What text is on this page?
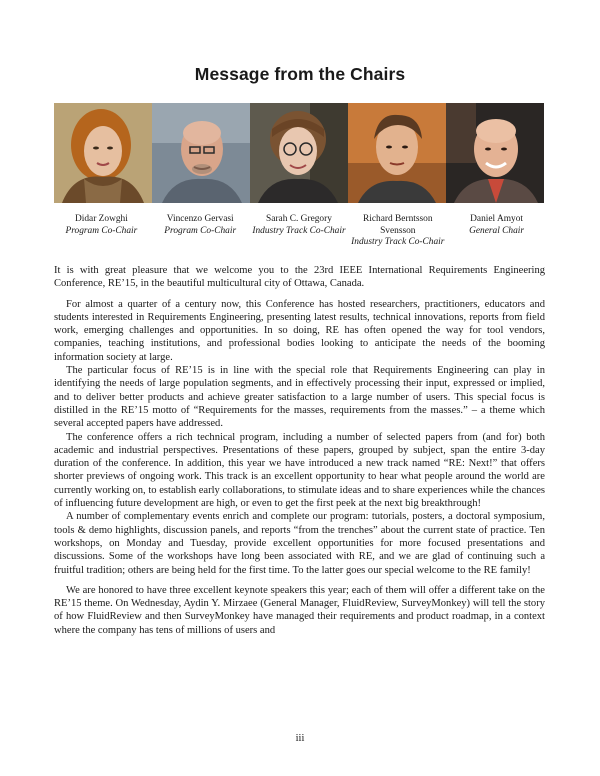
Message from the Chairs
Didar Zowghi
Program Co-Chair
Vincenzo Gervasi
Program Co-Chair
Sarah C. Gregory
Industry Track Co-Chair
Richard Berntsson Svensson
Industry Track Co-Chair
Daniel Amyot
General Chair

It is with great pleasure that we welcome you to the 23rd IEEE International Requirements Engineering Conference, RE’15, in the beautiful multicultural city of Ottawa, Canada.

For almost a quarter of a century now, this Conference has hosted researchers, practitioners, educators and students interested in Requirements Engineering, presenting latest results, technical innovations, reports from field work, emerging challenges and opportunities. In so doing, RE has often opened the way for tool vendors, companies, teaching institutions, and professional bodies looking to anticipate the needs of the booming information society at large.

The particular focus of RE’15 is in line with the special role that Requirements Engineering can play in identifying the needs of large population segments, and in effectively processing their input, expressed or implied, and to deliver better products and achieve greater satisfaction to a large number of users. This special focus is distilled in the RE’15 motto of “Requirements for the masses, requirements from the masses.” – a theme which several accepted papers have addressed.

The conference offers a rich technical program, including a number of selected papers from (and for) both academic and industrial perspectives. Presentations of these papers, grouped by subject, span the entire 3-day duration of the conference. In addition, this year we have introduced a new track named “RE: Next!” that offers shorter previews of ongoing work. This track is an excellent opportunity to hear what people around the world are currently working on, to establish early collaborations, to stimulate ideas and to share experiences while the chances of influencing future development are high, or even to get the first peek at the next big breakthrough!

A number of complementary events enrich and complete our program: tutorials, posters, a doctoral symposium, tools & demo highlights, discussion panels, and reports “from the trenches” about the current state of practice. Ten workshops, on Monday and Tuesday, provide excellent opportunities for more focused presentations and discussions. Some of the workshops have long been associated with RE, and we are glad of continuing such a fruitful tradition; others are being held for the first time. To the latter goes our special welcome to the RE family!

We are honored to have three excellent keynote speakers this year; each of them will offer a different take on the RE’15 theme. On Wednesday, Aydin Y. Mirzaee (General Manager, FluidReview, SurveyMonkey) will tell the story of how FluidReview and then SurveyMonkey have managed their requirements and product roadmap, in a context where the company has tens of millions of users and

iii
